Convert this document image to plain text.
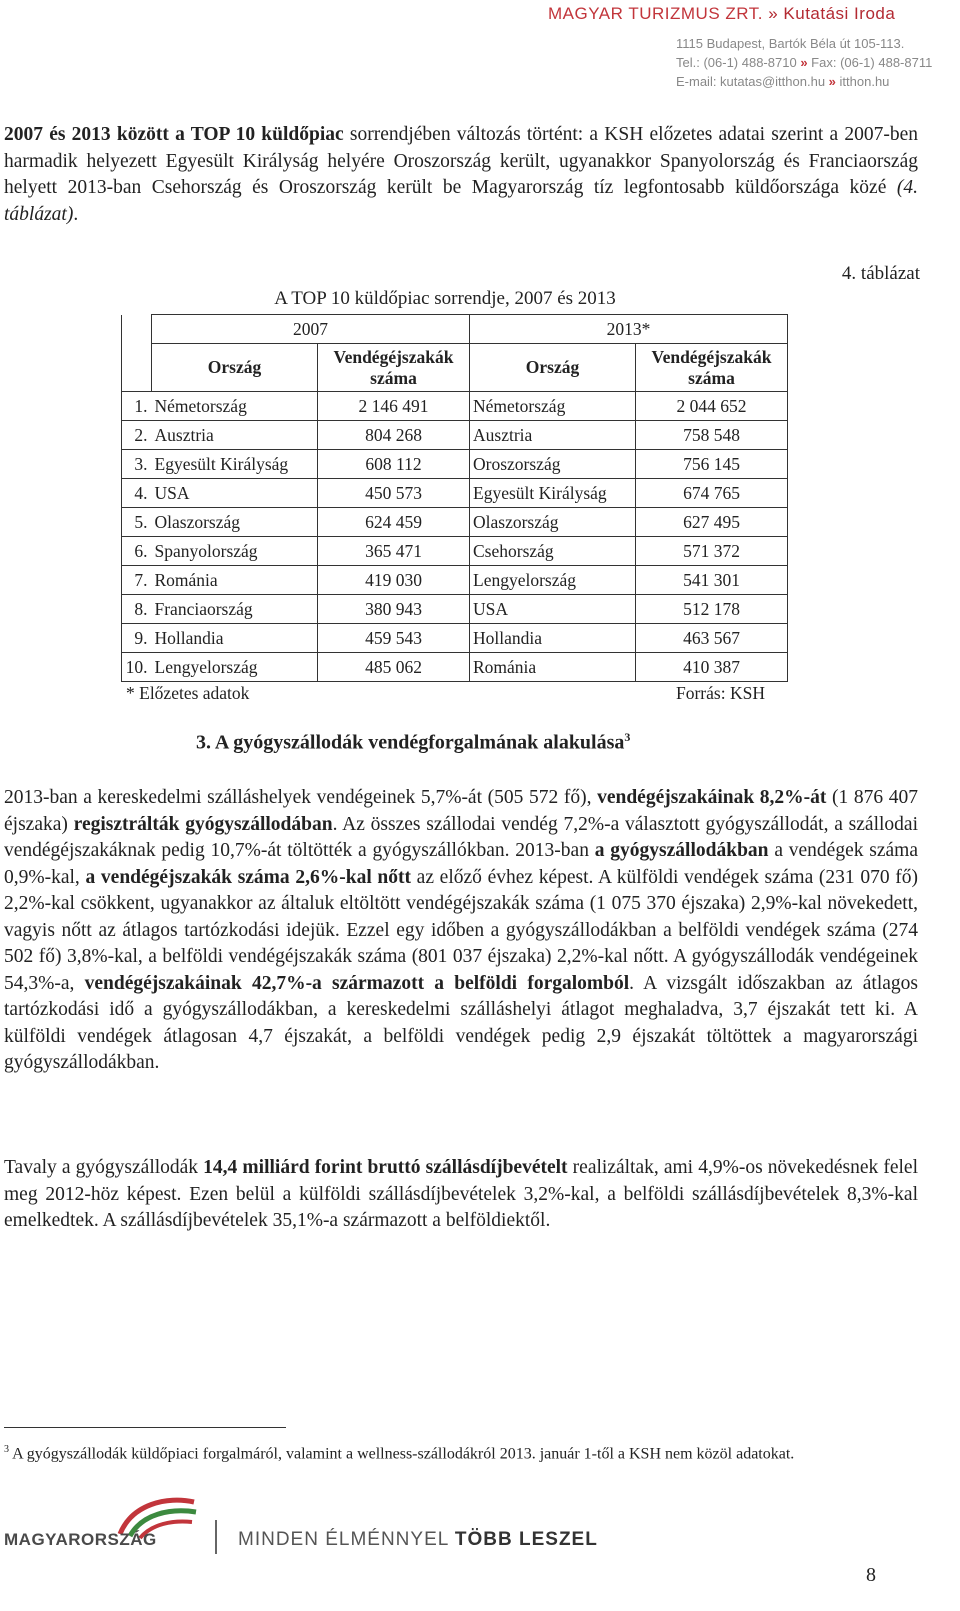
MAGYAR TURIZMUS ZRT. » Kutatási Iroda
1115 Budapest, Bartók Béla út 105-113.
Tel.: (06-1) 488-8710 » Fax: (06-1) 488-8711
E-mail: kutatas@itthon.hu » itthon.hu
2007 és 2013 között a TOP 10 küldőpiac sorrendjében változás történt: a KSH előzetes adatai szerint a 2007-ben harmadik helyezett Egyesült Királyság helyére Oroszország került, ugyanakkor Spanyolország és Franciaország helyett 2013-ban Csehország és Oroszország került be Magyarország tíz legfontosabb küldőországa közé (4. táblázat).
4. táblázat
A TOP 10 küldőpiac sorrendje, 2007 és 2013
	2007		2013*	
	Ország	Vendégéjszakák száma	Ország	Vendégéjszakák száma
1.	Németország	2 146 491	Németország	2 044 652
2.	Ausztria	804 268	Ausztria	758 548
3.	Egyesült Királyság	608 112	Oroszország	756 145
4.	USA	450 573	Egyesült Királyság	674 765
5.	Olaszország	624 459	Olaszország	627 495
6.	Spanyolország	365 471	Csehország	571 372
7.	Románia	419 030	Lengyelország	541 301
8.	Franciaország	380 943	USA	512 178
9.	Hollandia	459 543	Hollandia	463 567
10.	Lengyelország	485 062	Románia	410 387
* Előzetes adatok	Forrás: KSH
3. A gyógyszállodák vendégforgalmának alakulása$^3$
2013-ban a kereskedelmi szálláshelyek vendégeinek 5,7%-át (505 572 fő), vendégéjszakáinak 8,2%-át (1 876 407 éjszaka) regisztrálták gyógyszállodában. Az összes szállodai vendég 7,2%-a választott gyógyszállodát, a szállodai vendégéjszakáknak pedig 10,7%-át töltötték a gyógyszállókban. 2013-ban a gyógyszállodákban a vendégek száma 0,9%-kal, a vendégéjszakák száma 2,6%-kal nőtt az előző évhez képest. A külföldi vendégek száma (231 070 fő) 2,2%-kal csökkent, ugyanakkor az általuk eltöltött vendégéjszakák száma (1 075 370 éjszaka) 2,9%-kal növekedett, vagyis nőtt az átlagos tartózkodási idejük. Ezzel egy időben a gyógyszállodákban a belföldi vendégek száma (274 502 fő) 3,8%-kal, a belföldi vendégéjszakák száma (801 037 éjszaka) 2,2%-kal nőtt. A gyógyszállodák vendégeinek 54,3%-a, vendégéjszakáinak 42,7%-a származott a belföldi forgalomból. A vizsgált időszakban az átlagos tartózkodási idő a gyógyszállodákban, a kereskedelmi szálláshelyi átlagot meghaladva, 3,7 éjszakát tett ki. A külföldi vendégek átlagosan 4,7 éjszakát, a belföldi vendégek pedig 2,9 éjszakát töltöttek a magyarországi gyógyszállodákban.
Tavaly a gyógyszállodák 14,4 milliárd forint bruttó szállásdíjbevételt realizáltak, ami 4,9%-os növekedésnek felel meg 2012-höz képest. Ezen belül a külföldi szállásdíjbevételek 3,2%-kal, a belföldi szállásdíjbevételek 8,3%-kal emelkedtek. A szállásdíjbevételek 35,1%-a származott a belföldiektől.
$^3$ A gyógyszállodák küldőpiaci forgalmáról, valamint a wellness-szállodákról 2013. január 1-től a KSH nem közöl adatokat.
MAGYARORSZÁG	MINDEN ÉLMÉNNYEL TÖBB LESZEL
8
